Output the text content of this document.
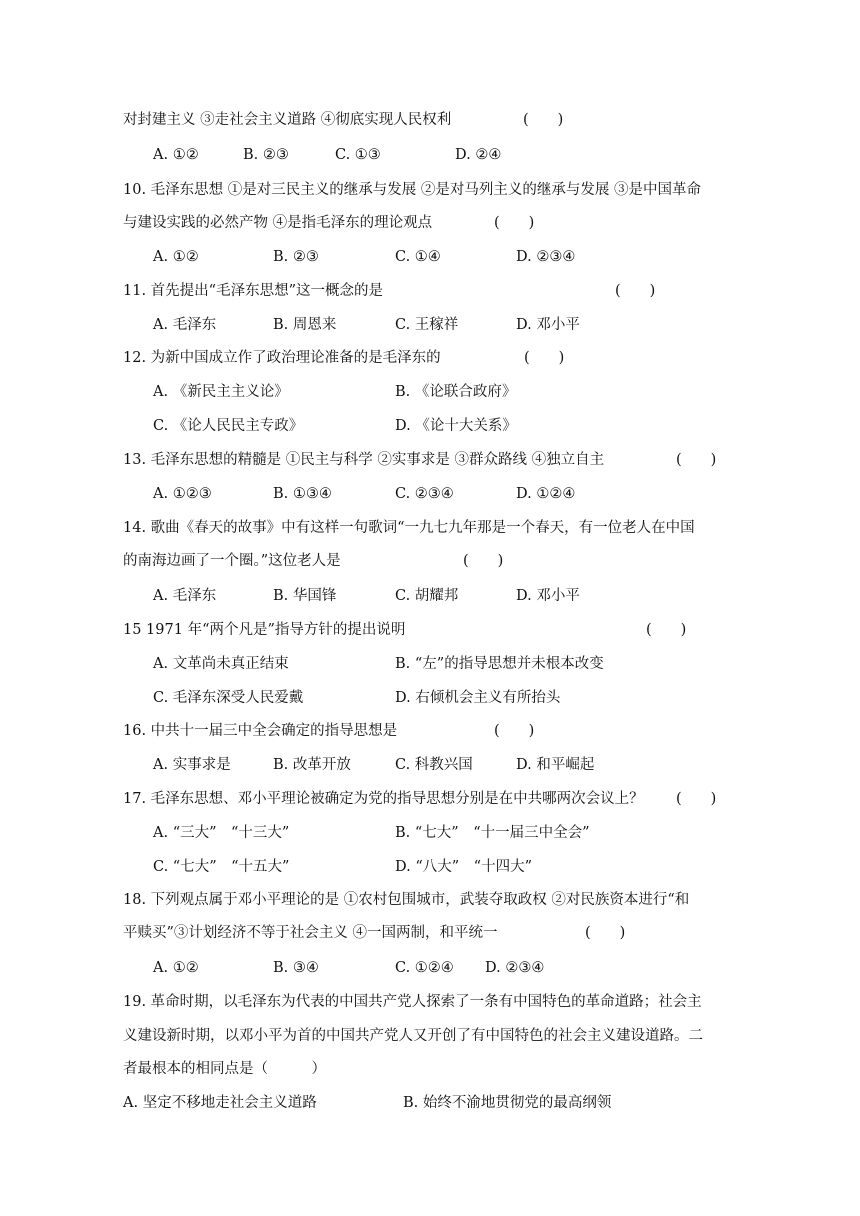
对封建主义 ③走社会主义道路 ④彻底实现人民权利	(　　)
A. ①②	B. ②③	C. ①③	D. ②④
10. 毛泽东思想 ①是对三民主义的继承与发展 ②是对马列主义的继承与发展 ③是中国革命
与建设实践的必然产物 ④是指毛泽东的理论观点	(　　)
A. ①②	B. ②③	C. ①④	D. ②③④
11. 首先提出“毛泽东思想”这一概念的是	(　　)
A. 毛泽东	B. 周恩来	C. 王稼祥	D. 邓小平
12. 为新中国成立作了政治理论准备的是毛泽东的	(　　)
A. 《新民主主义论》	B. 《论联合政府》
C. 《论人民民主专政》	D. 《论十大关系》
13. 毛泽东思想的精髓是 ①民主与科学 ②实事求是 ③群众路线 ④独立自主	(　　)
A. ①②③	B. ①③④	C. ②③④	D. ①②④
14. 歌曲《春天的故事》中有这样一句歌词“一九七九年那是一个春天，有一位老人在中国
的南海边画了一个圈。”这位老人是	(　　)
A. 毛泽东	B. 华国锋	C. 胡耀邦	D. 邓小平
15 1971 年“两个凡是”指导方针的提出说明	(　　)
A. 文革尚未真正结束	B. “左”的指导思想并未根本改变
C. 毛泽东深受人民爱戴	D. 右倾机会主义有所抬头
16. 中共十一届三中全会确定的指导思想是	(　　)
A. 实事求是	B. 改革开放	C. 科教兴国	D. 和平崛起
17. 毛泽东思想、邓小平理论被确定为党的指导思想分别是在中共哪两次会议上？ (　　)
A. “三大”　“十三大”	B. “七大”　“十一届三中全会”
C. “七大”　“十五大”	D. “八大”　“十四大”
18. 下列观点属于邓小平理论的是 ①农村包围城市，武装夺取政权 ②对民族资本进行“和
平赎买”③计划经济不等于社会主义 ④一国两制，和平统一	(　　)
A. ①②	B. ③④	C. ①②④ D. ②③④
19. 革命时期，以毛泽东为代表的中国共产党人探索了一条有中国特色的革命道路；社会主
义建设新时期，以邓小平为首的中国共产党人又开创了有中国特色的社会主义建设道路。二
者最根本的相同点是（　　　）
A. 坚定不移地走社会主义道路	B. 始终不渝地贯彻党的最高纲领
